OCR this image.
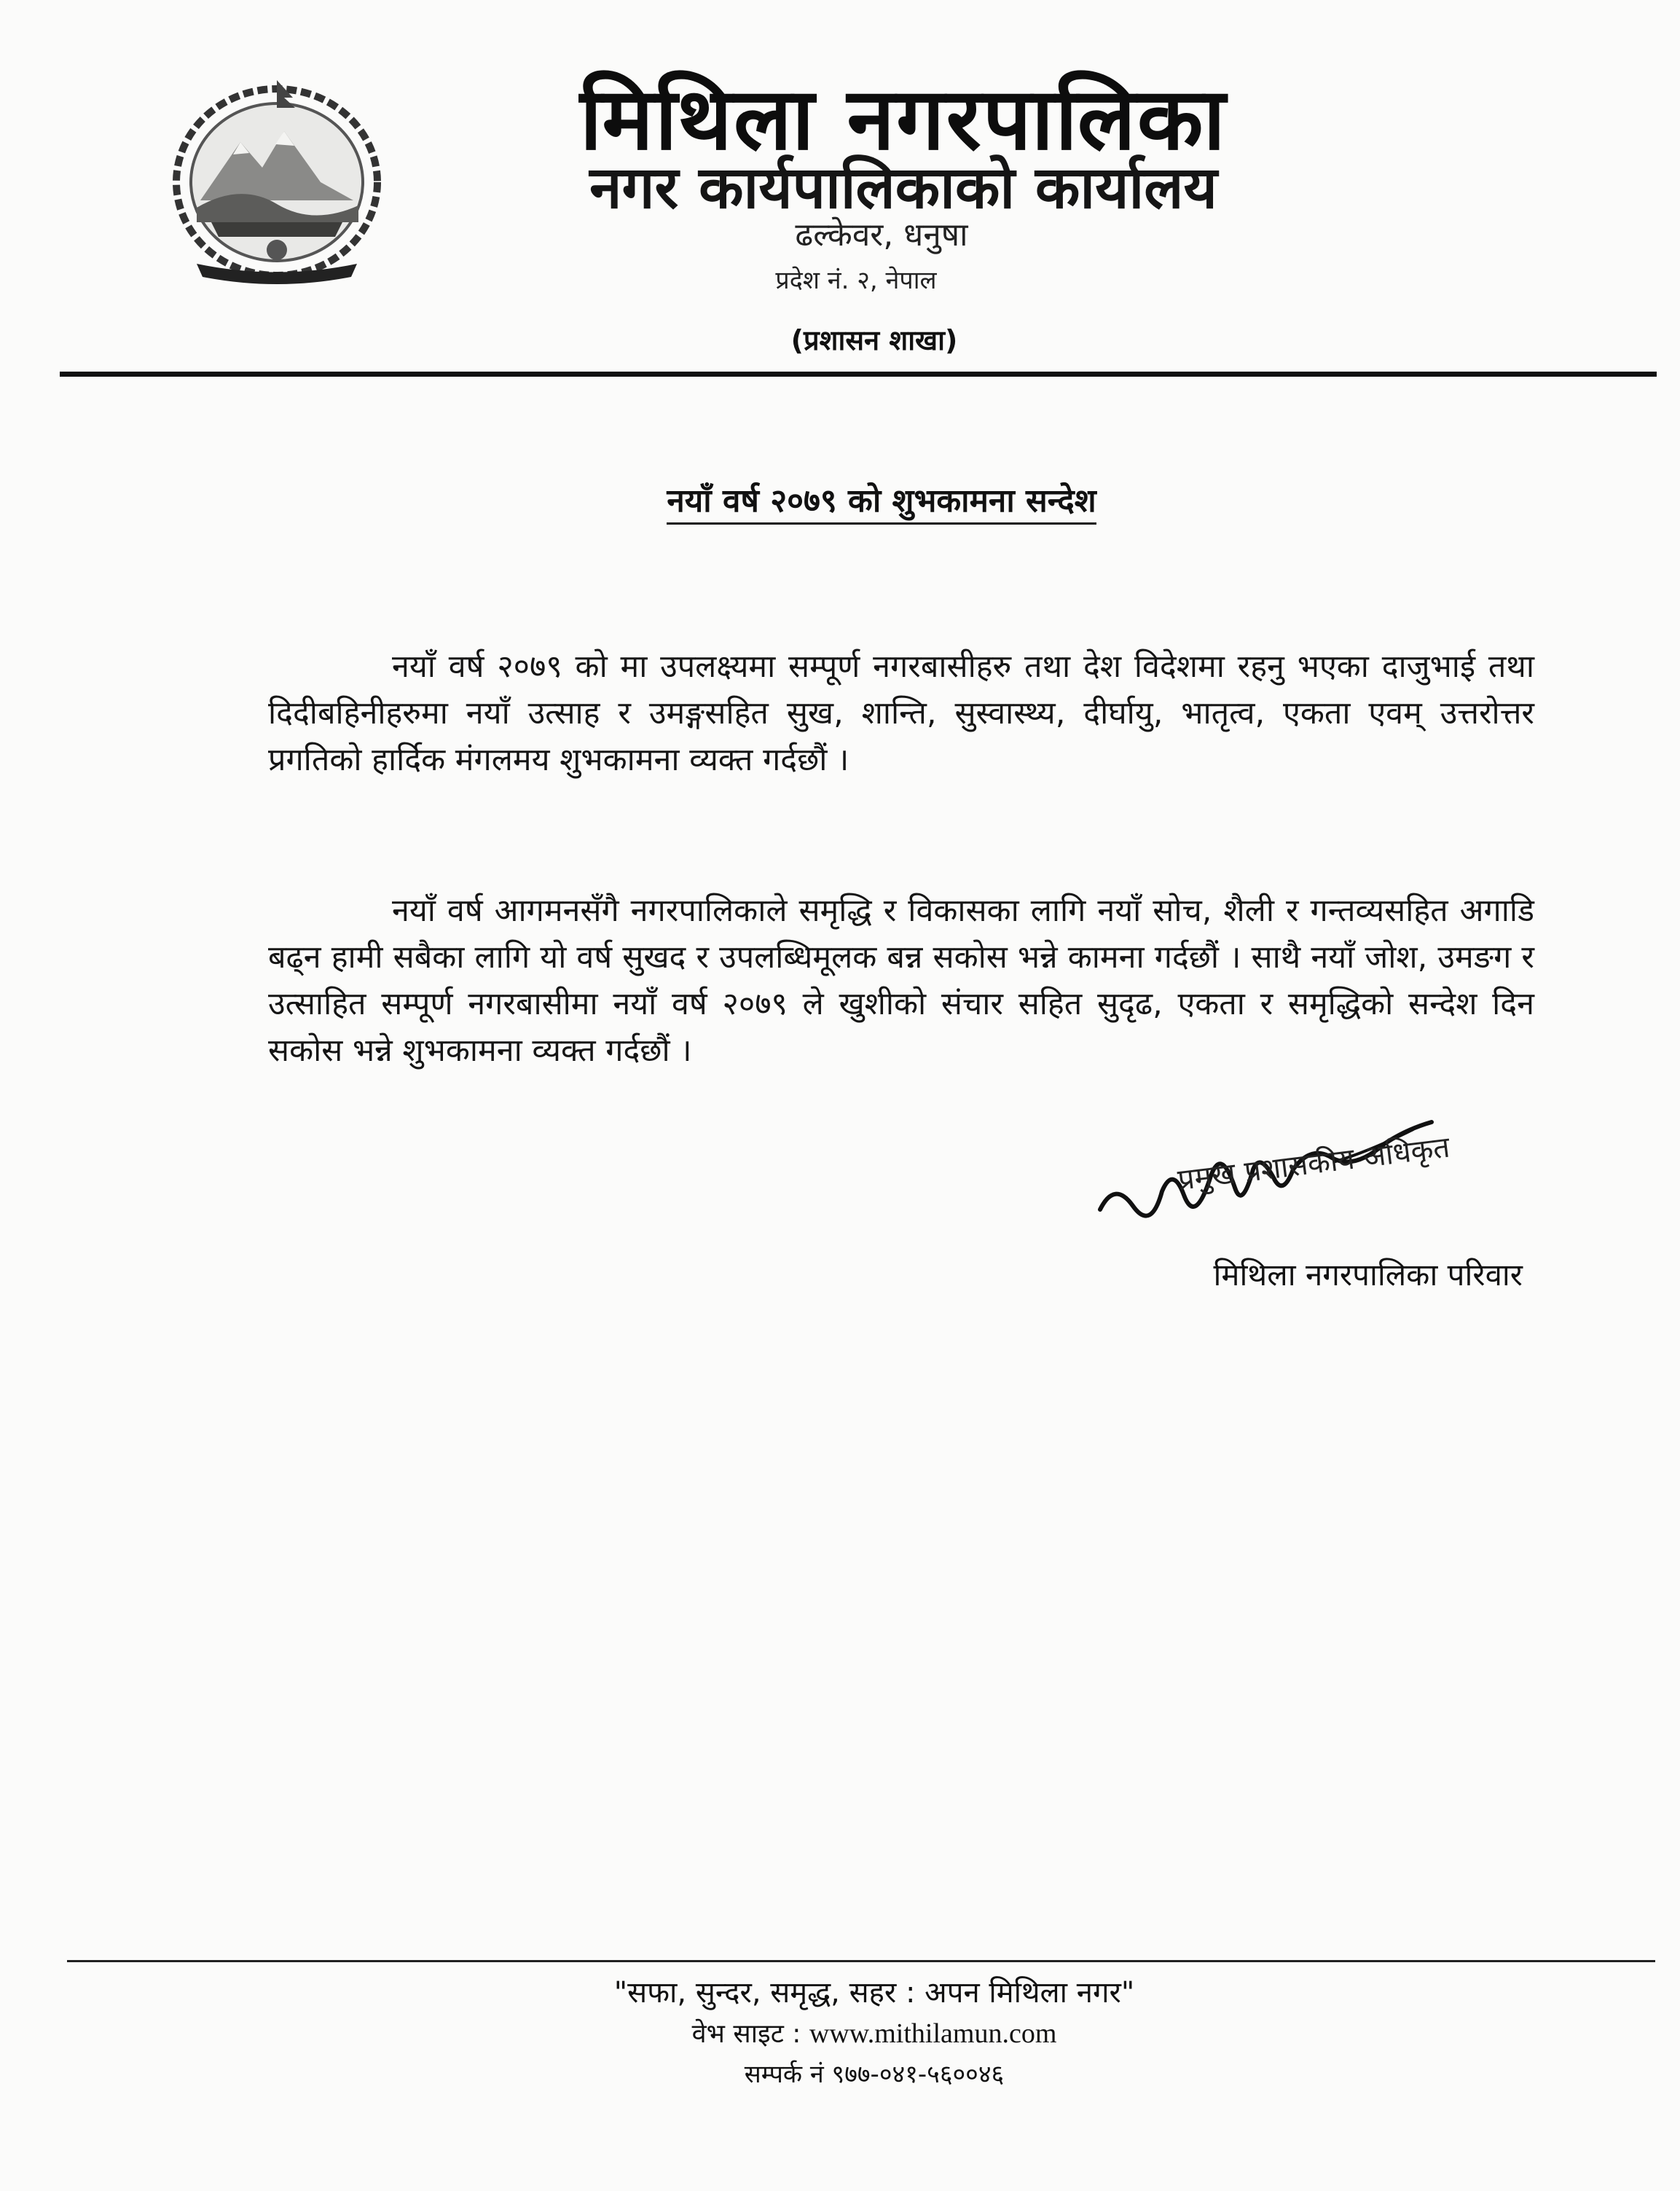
मिथिला नगरपालिका
नगर कार्यपालिकाको कार्यालय
ढल्केवर, धनुषा
प्रदेश नं. २, नेपाल
(प्रशासन शाखा)
नयाँ वर्ष २०७९ को शुभकामना सन्देश

नयाँ वर्ष २०७९ को मा उपलक्ष्यमा सम्पूर्ण नगरबासीहरु तथा देश विदेशमा रहनु भएका दाजुभाई तथा दिदीबहिनीहरुमा नयाँ उत्साह र उमङ्गसहित सुख, शान्ति, सुस्वास्थ्य, दीर्घायु, भातृत्व, एकता एवम् उत्तरोत्तर प्रगतिको हार्दिक मंगलमय शुभकामना व्यक्त गर्दछौं ।

नयाँ वर्ष आगमनसँगै नगरपालिकाले समृद्धि र विकासका लागि नयाँ सोच, शैली र गन्तव्यसहित अगाडि बढ्न हामी सबैका लागि यो वर्ष सुखद र उपलब्धिमूलक बन्न सकोस भन्ने कामना गर्दछौं । साथै नयाँ जोश, उमङग र उत्साहित सम्पूर्ण नगरबासीमा नयाँ वर्ष २०७९ ले खुशीको संचार सहित सुदृढ, एकता र समृद्धिको सन्देश दिन सकोस भन्ने शुभकामना व्यक्त गर्दछौं ।

प्रमुख प्रशासकीय अधिकृत
मिथिला नगरपालिका परिवार
"सफा, सुन्दर, समृद्ध, सहर : अपन मिथिला नगर"
वेभ साइट : www.mithilamun.com
सम्पर्क नं ९७७-०४१-५६००४६
